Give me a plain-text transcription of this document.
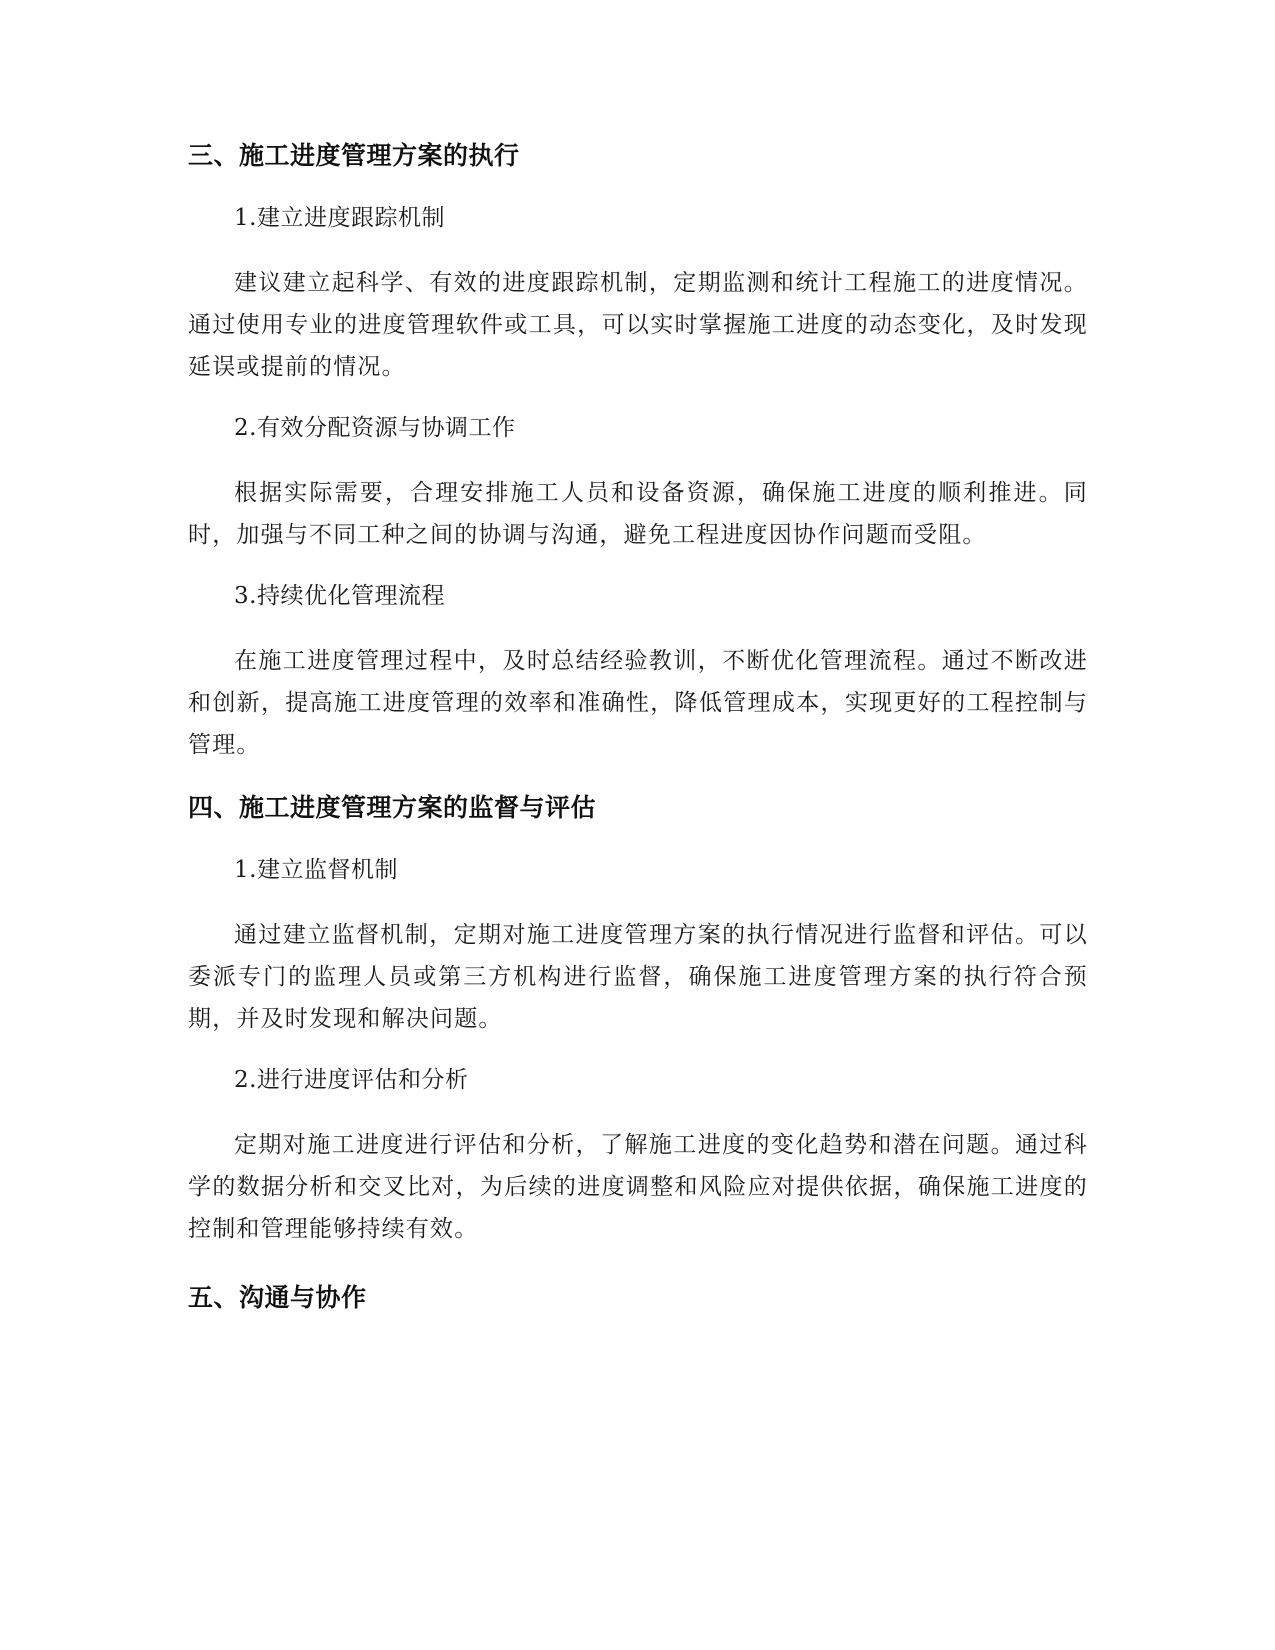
三、施工进度管理方案的执行

1.建立进度跟踪机制

建议建立起科学、有效的进度跟踪机制，定期监测和统计工程施工的进度情况。通过使用专业的进度管理软件或工具，可以实时掌握施工进度的动态变化，及时发现延误或提前的情况。

2.有效分配资源与协调工作

根据实际需要，合理安排施工人员和设备资源，确保施工进度的顺利推进。同时，加强与不同工种之间的协调与沟通，避免工程进度因协作问题而受阻。

3.持续优化管理流程

在施工进度管理过程中，及时总结经验教训，不断优化管理流程。通过不断改进和创新，提高施工进度管理的效率和准确性，降低管理成本，实现更好的工程控制与管理。

四、施工进度管理方案的监督与评估

1.建立监督机制

通过建立监督机制，定期对施工进度管理方案的执行情况进行监督和评估。可以委派专门的监理人员或第三方机构进行监督，确保施工进度管理方案的执行符合预期，并及时发现和解决问题。

2.进行进度评估和分析

定期对施工进度进行评估和分析，了解施工进度的变化趋势和潜在问题。通过科学的数据分析和交叉比对，为后续的进度调整和风险应对提供依据，确保施工进度的控制和管理能够持续有效。

五、沟通与协作
